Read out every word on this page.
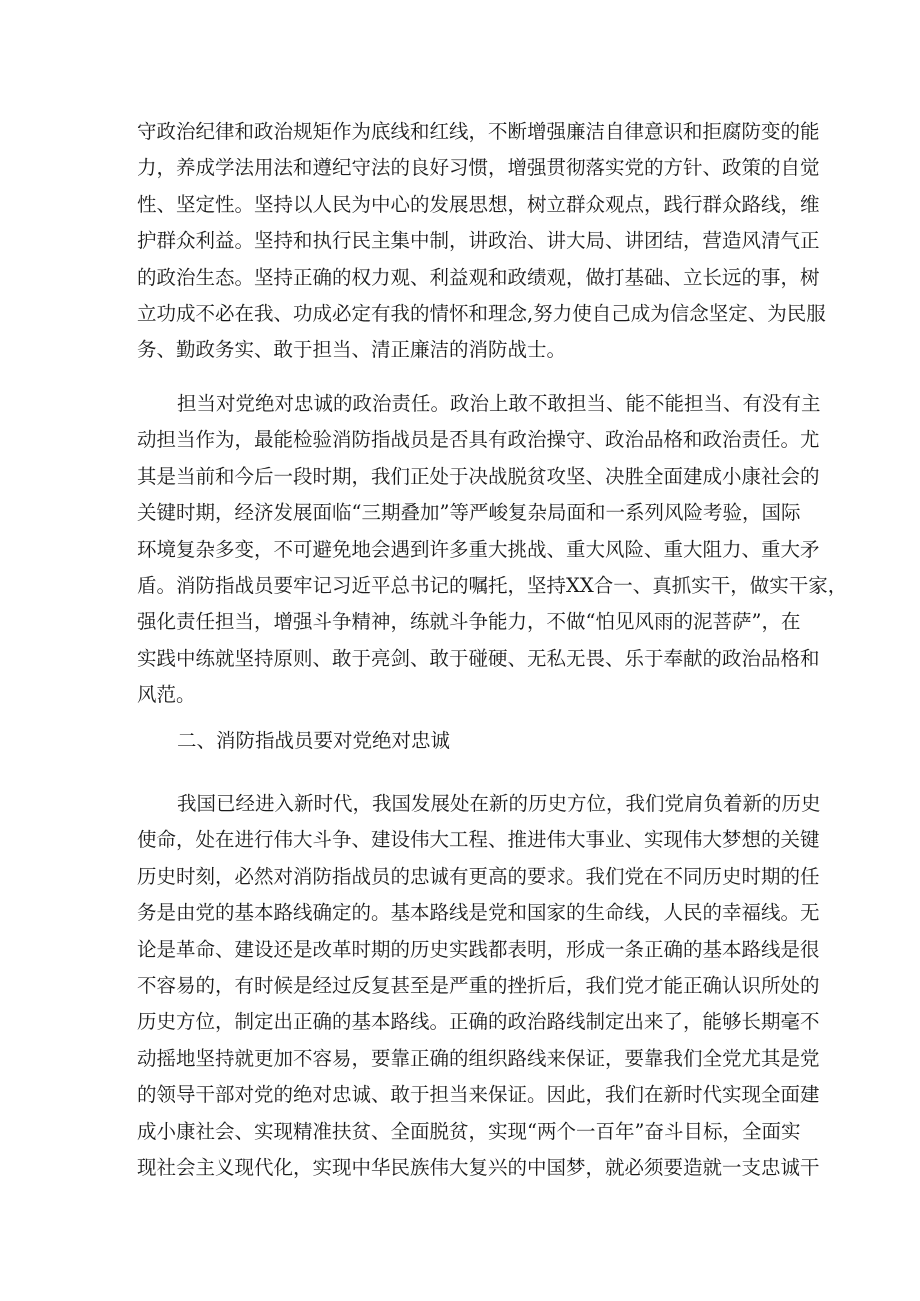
守政治纪律和政治规矩作为底线和红线，不断增强廉洁自律意识和拒腐防变的能
力，养成学法用法和遵纪守法的良好习惯，增强贯彻落实党的方针、政策的自觉
性、坚定性。坚持以人民为中心的发展思想，树立群众观点，践行群众路线，维
护群众利益。坚持和执行民主集中制，讲政治、讲大局、讲团结，营造风清气正
的政治生态。坚持正确的权力观、利益观和政绩观，做打基础、立长远的事，树
立功成不必在我、功成必定有我的情怀和理念,努力使自己成为信念坚定、为民服
务、勤政务实、敢于担当、清正廉洁的消防战士。
担当对党绝对忠诚的政治责任。政治上敢不敢担当、能不能担当、有没有主
动担当作为，最能检验消防指战员是否具有政治操守、政治品格和政治责任。尤
其是当前和今后一段时期，我们正处于决战脱贫攻坚、决胜全面建成小康社会的
关键时期，经济发展面临“三期叠加”等严峻复杂局面和一系列风险考验，国际
环境复杂多变，不可避免地会遇到许多重大挑战、重大风险、重大阻力、重大矛
盾。消防指战员要牢记习近平总书记的嘱托，坚持XX合一、真抓实干，做实干家，
强化责任担当，增强斗争精神，练就斗争能力，不做“怕见风雨的泥菩萨”，在
实践中练就坚持原则、敢于亮剑、敢于碰硬、无私无畏、乐于奉献的政治品格和
风范。
二、消防指战员要对党绝对忠诚
我国已经进入新时代，我国发展处在新的历史方位，我们党肩负着新的历史
使命，处在进行伟大斗争、建设伟大工程、推进伟大事业、实现伟大梦想的关键
历史时刻，必然对消防指战员的忠诚有更高的要求。我们党在不同历史时期的任
务是由党的基本路线确定的。基本路线是党和国家的生命线，人民的幸福线。无
论是革命、建设还是改革时期的历史实践都表明，形成一条正确的基本路线是很
不容易的，有时候是经过反复甚至是严重的挫折后，我们党才能正确认识所处的
历史方位，制定出正确的基本路线。正确的政治路线制定出来了，能够长期毫不
动摇地坚持就更加不容易，要靠正确的组织路线来保证，要靠我们全党尤其是党
的领导干部对党的绝对忠诚、敢于担当来保证。因此，我们在新时代实现全面建
成小康社会、实现精准扶贫、全面脱贫，实现“两个一百年”奋斗目标，全面实
现社会主义现代化，实现中华民族伟大复兴的中国梦，就必须要造就一支忠诚干
